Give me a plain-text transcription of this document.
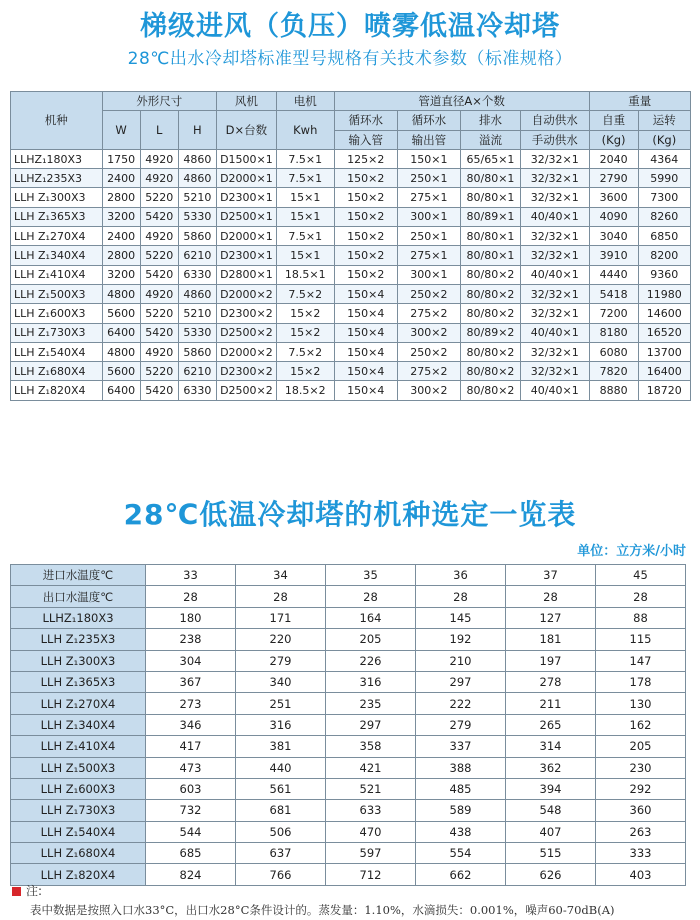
梯级进风（负压）喷雾低温冷却塔
28℃出水冷却塔标准型号规格有关技术参数（标准规格）
机种	外形尺寸			风机	电机	管道直径A×个数				重量	
	W	L	H	D×台数	Kwh	循环水	循环水	排水	自动供水	自重	运转
						输入管	输出管	溢流	手动供水	(Kg)	(Kg)
LLHZ₁180X3	1750	4920	4860	D1500×1	7.5×1	125×2	150×1	65/65×1	32/32×1	2040	4364
LLHZ₁235X3	2400	4920	4860	D2000×1	7.5×1	150×2	250×1	80/80×1	32/32×1	2790	5990
LLH Z₁300X3	2800	5220	5210	D2300×1	15×1	150×2	275×1	80/80×1	32/32×1	3600	7300
LLH Z₁365X3	3200	5420	5330	D2500×1	15×1	150×2	300×1	80/89×1	40/40×1	4090	8260
LLH Z₁270X4	2400	4920	5860	D2000×1	7.5×1	150×2	250×1	80/80×1	32/32×1	3040	6850
LLH Z₁340X4	2800	5220	6210	D2300×1	15×1	150×2	275×1	80/80×1	32/32×1	3910	8200
LLH Z₁410X4	3200	5420	6330	D2800×1	18.5×1	150×2	300×1	80/80×2	40/40×1	4440	9360
LLH Z₁500X3	4800	4920	4860	D2000×2	7.5×2	150×4	250×2	80/80×2	32/32×1	5418	11980
LLH Z₁600X3	5600	5220	5210	D2300×2	15×2	150×4	275×2	80/80×2	32/32×1	7200	14600
LLH Z₁730X3	6400	5420	5330	D2500×2	15×2	150×4	300×2	80/89×2	40/40×1	8180	16520
LLH Z₁540X4	4800	4920	5860	D2000×2	7.5×2	150×4	250×2	80/80×2	32/32×1	6080	13700
LLH Z₁680X4	5600	5220	6210	D2300×2	15×2	150×4	275×2	80/80×2	32/32×1	7820	16400
LLH Z₁820X4	6400	5420	6330	D2500×2	18.5×2	150×4	300×2	80/80×2	40/40×1	8880	18720
28℃低温冷却塔的机种选定一览表
单位：立方米/小时
进口水温度℃	33	34	35	36	37	45
出口水温度℃	28	28	28	28	28	28
LLHZ₁180X3	180	171	164	145	127	88
LLH Z₁235X3	238	220	205	192	181	115
LLH Z₁300X3	304	279	226	210	197	147
LLH Z₁365X3	367	340	316	297	278	178
LLH Z₁270X4	273	251	235	222	211	130
LLH Z₁340X4	346	316	297	279	265	162
LLH Z₁410X4	417	381	358	337	314	205
LLH Z₁500X3	473	440	421	388	362	230
LLH Z₁600X3	603	561	521	485	394	292
LLH Z₁730X3	732	681	633	589	548	360
LLH Z₁540X4	544	506	470	438	407	263
LLH Z₁680X4	685	637	597	554	515	333
LLH Z₁820X4	824	766	712	662	626	403
注:
表中数据是按照入口水33°C，出口水28°C条件设计的。蒸发量：1.10%，水滴损失：0.001%，噪声60-70dB(A)
